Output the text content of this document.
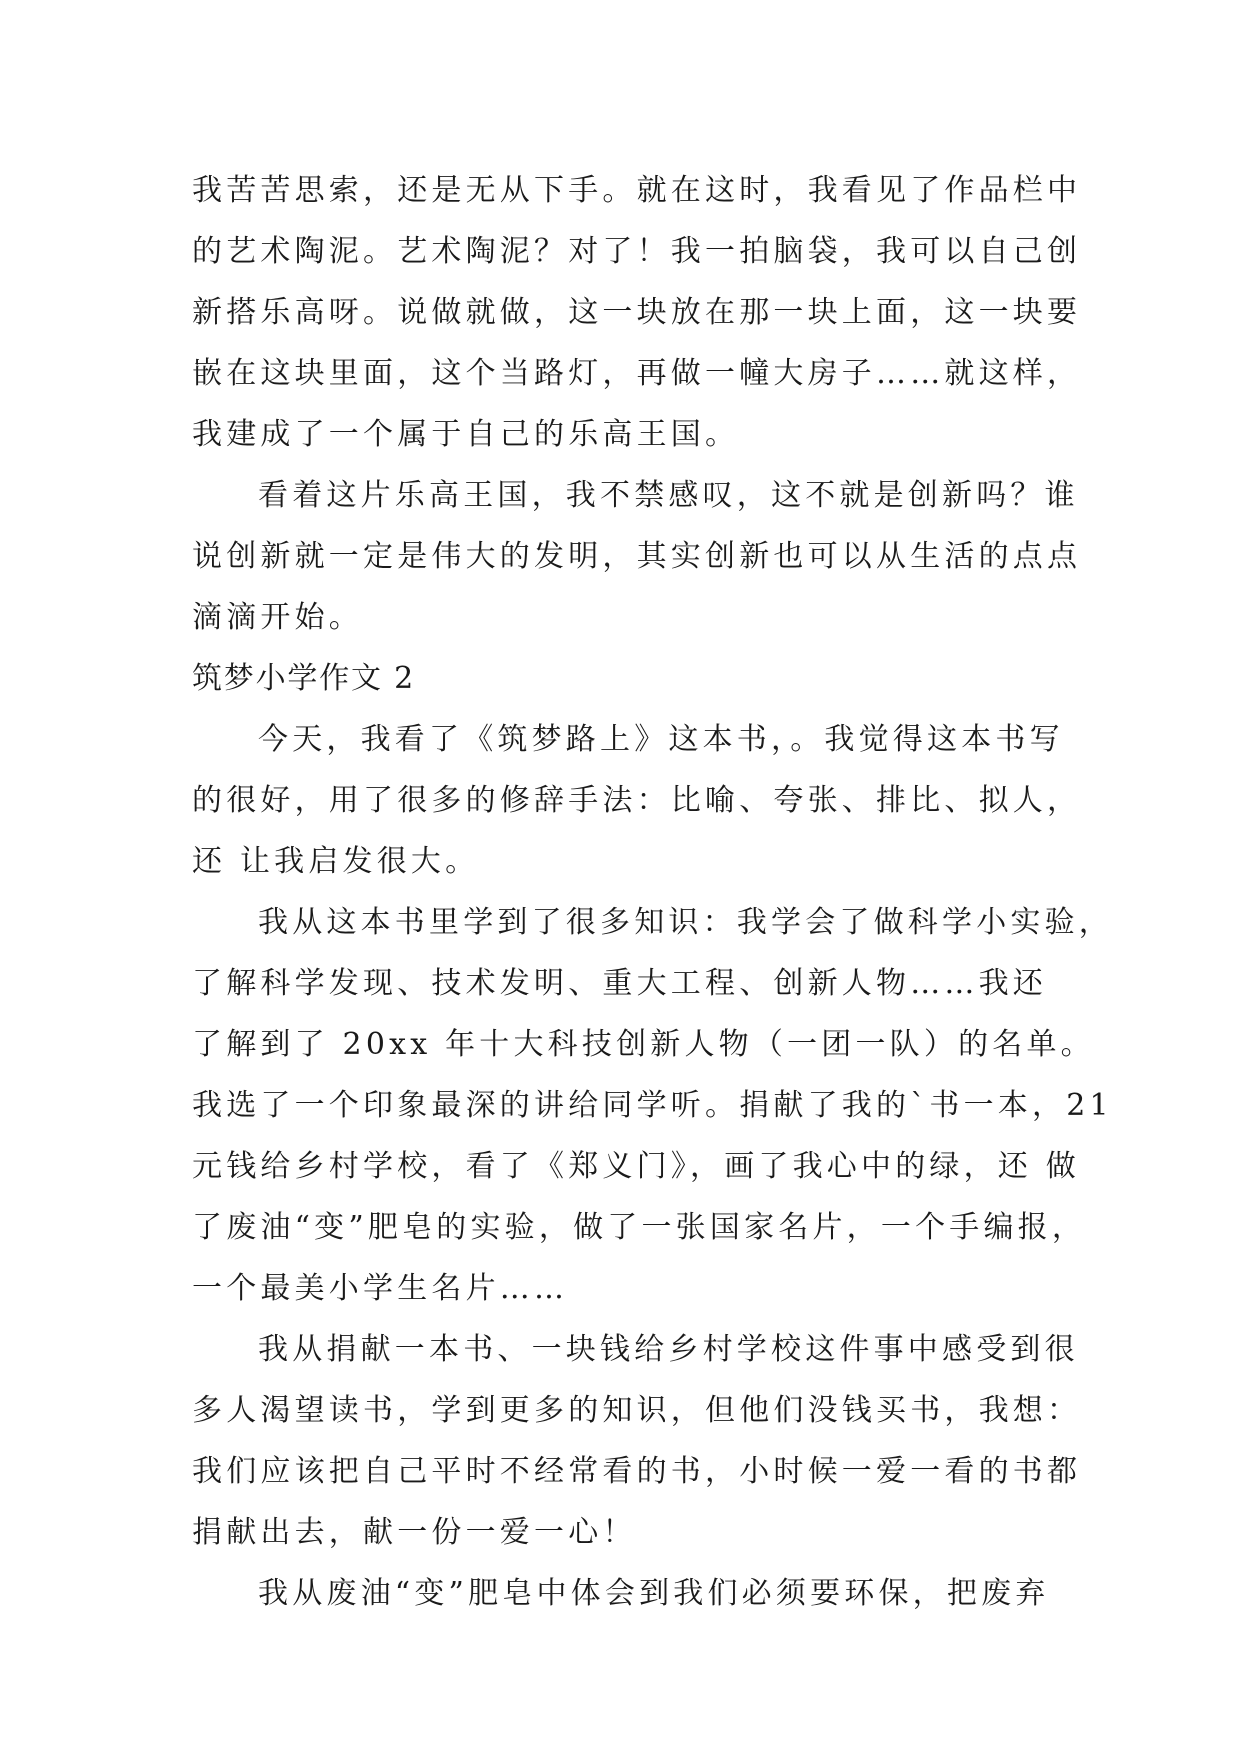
我苦苦思索，还是无从下手。就在这时，我看见了作品栏中
的艺术陶泥。艺术陶泥？对了！我一拍脑袋，我可以自己创
新搭乐高呀。说做就做，这一块放在那一块上面，这一块要
嵌在这块里面，这个当路灯，再做一幢大房子……就这样，
我建成了一个属于自己的乐高王国。
看着这片乐高王国，我不禁感叹，这不就是创新吗？谁
说创新就一定是伟大的发明，其实创新也可以从生活的点点
滴滴开始。
筑梦小学作文 2
今天，我看了《筑梦路上》这本书，。我觉得这本书写
的很好，用了很多的修辞手法：比喻、夸张、排比、拟人，
还 让我启发很大。
我从这本书里学到了很多知识：我学会了做科学小实验，
了解科学发现、技术发明、重大工程、创新人物……我还
了解到了 20xx 年十大科技创新人物（一团一队）的名单。
我选了一个印象最深的讲给同学听。捐献了我的`书一本，21
元钱给乡村学校，看了《郑义门》，画了我心中的绿，还 做
了废油“变”肥皂的实验，做了一张国家名片，一个手编报，
一个最美小学生名片……
我从捐献一本书、一块钱给乡村学校这件事中感受到很
多人渴望读书，学到更多的知识，但他们没钱买书，我想：
我们应该把自己平时不经常看的书，小时候一爱一看的书都
捐献出去，献一份一爱一心！
我从废油“变”肥皂中体会到我们必须要环保，把废弃
